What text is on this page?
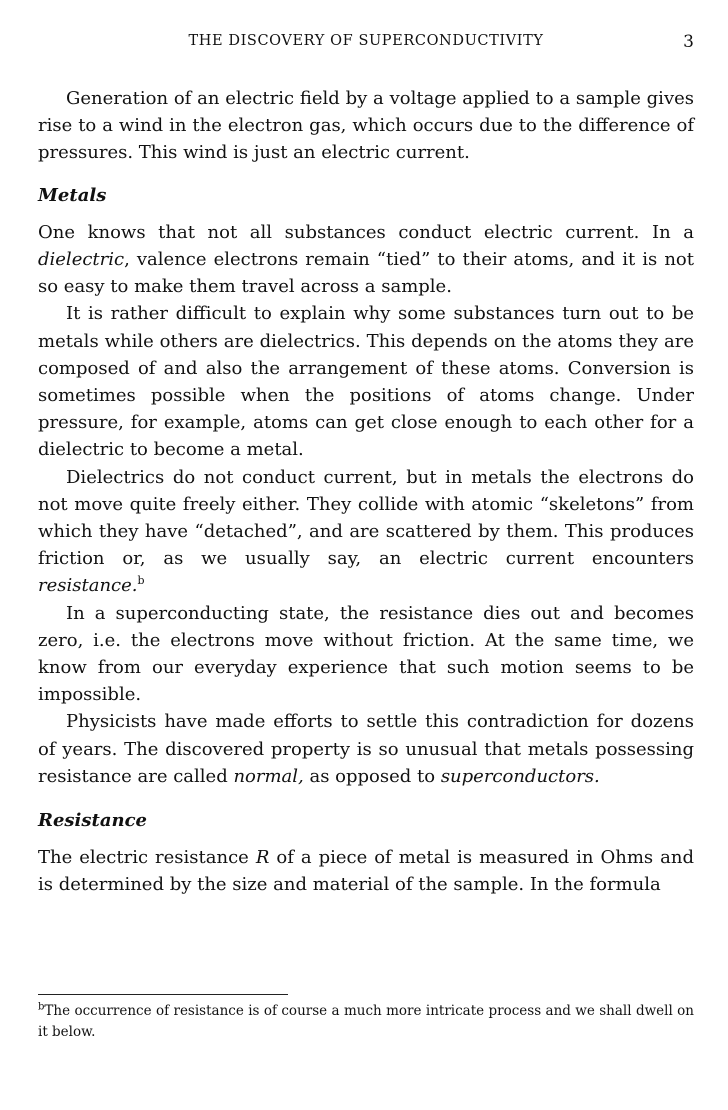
THE DISCOVERY OF SUPERCONDUCTIVITY	3

Generation of an electric field by a voltage applied to a sample gives rise to a wind in the electron gas, which occurs due to the difference of pressures. This wind is just an electric current.

Metals

One knows that not all substances conduct electric current. In a dielectric, valence electrons remain “tied” to their atoms, and it is not so easy to make them travel across a sample.

It is rather difficult to explain why some substances turn out to be metals while others are dielectrics. This depends on the atoms they are composed of and also the arrangement of these atoms. Conversion is sometimes possible when the positions of atoms change. Under pressure, for example, atoms can get close enough to each other for a dielectric to become a metal.

Dielectrics do not conduct current, but in metals the electrons do not move quite freely either. They collide with atomic “skeletons” from which they have “detached”, and are scattered by them. This produces friction or, as we usually say, an electric current encounters resistance.$^b$

In a superconducting state, the resistance dies out and becomes zero, i.e. the electrons move without friction. At the same time, we know from our everyday experience that such motion seems to be impossible.

Physicists have made efforts to settle this contradiction for dozens of years. The discovered property is so unusual that metals possessing resistance are called normal, as opposed to superconductors.

Resistance

The electric resistance R of a piece of metal is measured in Ohms and is determined by the size and material of the sample. In the formula

$^b$The occurrence of resistance is of course a much more intricate process and we shall dwell on it below.
